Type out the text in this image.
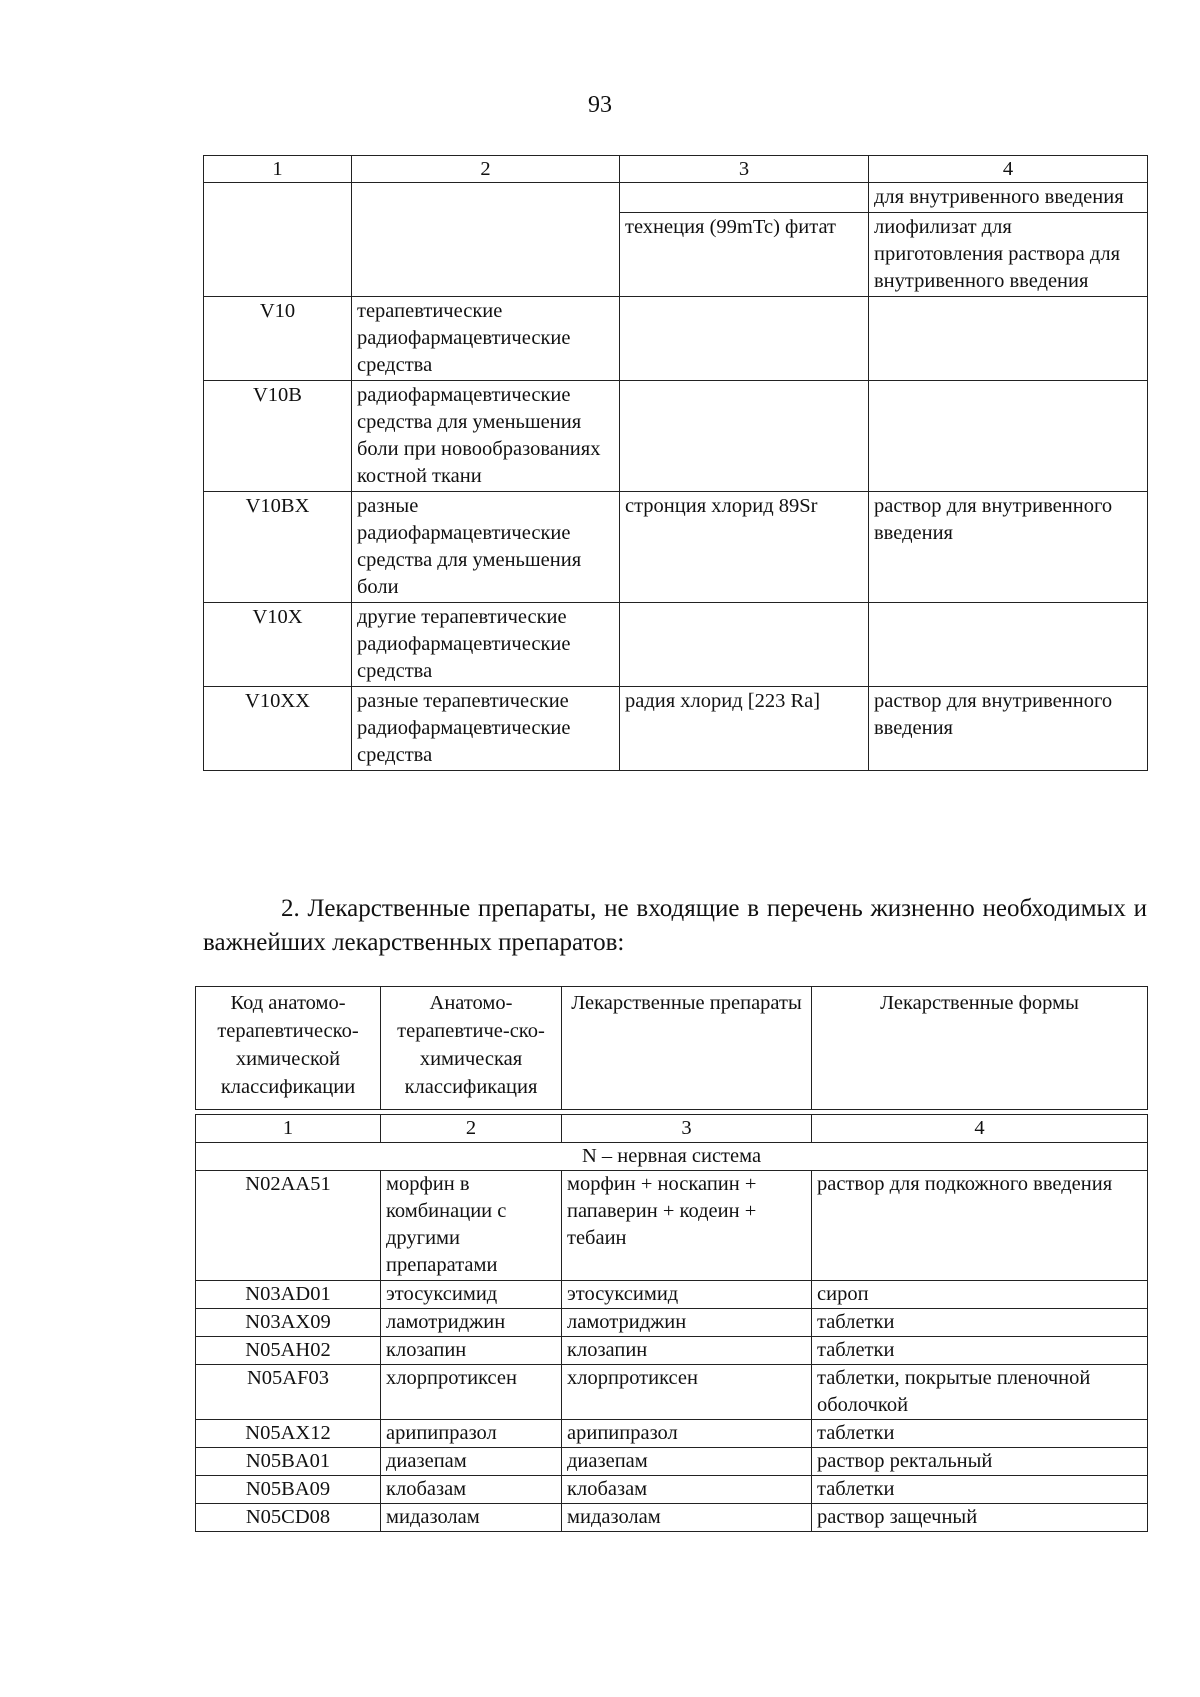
93
1	2	3	4
			для внутривенного введения
		технеция (99mTc) фитат	лиофилизат для приготовления раствора для внутривенного введения
V10	терапевтические радиофармацевтические средства		
V10B	радиофармацевтические средства для уменьшения боли при новообразованиях костной ткани		
V10BX	разные радиофармацевтические средства для уменьшения боли	стронция хлорид 89Sr	раствор для внутривенного введения
V10X	другие терапевтические радиофармацевтические средства		
V10XX	разные терапевтические радиофармацевтические средства	радия хлорид [223 Ra]	раствор для внутривенного введения

2. Лекарственные препараты, не входящие в перечень жизненно необходимых и важнейших лекарственных препаратов:

Код анатомо-терапевтическо-химической классификации	Анатомо-терапевтиче-ско-химическая классификация	Лекарственные препараты	Лекарственные формы
1	2	3	4
N – нервная система			
N02AA51	морфин в комбинации с другими препаратами	морфин + носкапин + папаверин + кодеин + тебаин	раствор для подкожного введения
N03AD01	этосуксимид	этосуксимид	сироп
N03AX09	ламотриджин	ламотриджин	таблетки
N05AH02	клозапин	клозапин	таблетки
N05AF03	хлорпротиксен	хлорпротиксен	таблетки, покрытые пленочной оболочкой
N05AX12	арипипразол	арипипразол	таблетки
N05BA01	диазепам	диазепам	раствор ректальный
N05BA09	клобазам	клобазам	таблетки
N05CD08	мидазолам	мидазолам	раствор защечный
